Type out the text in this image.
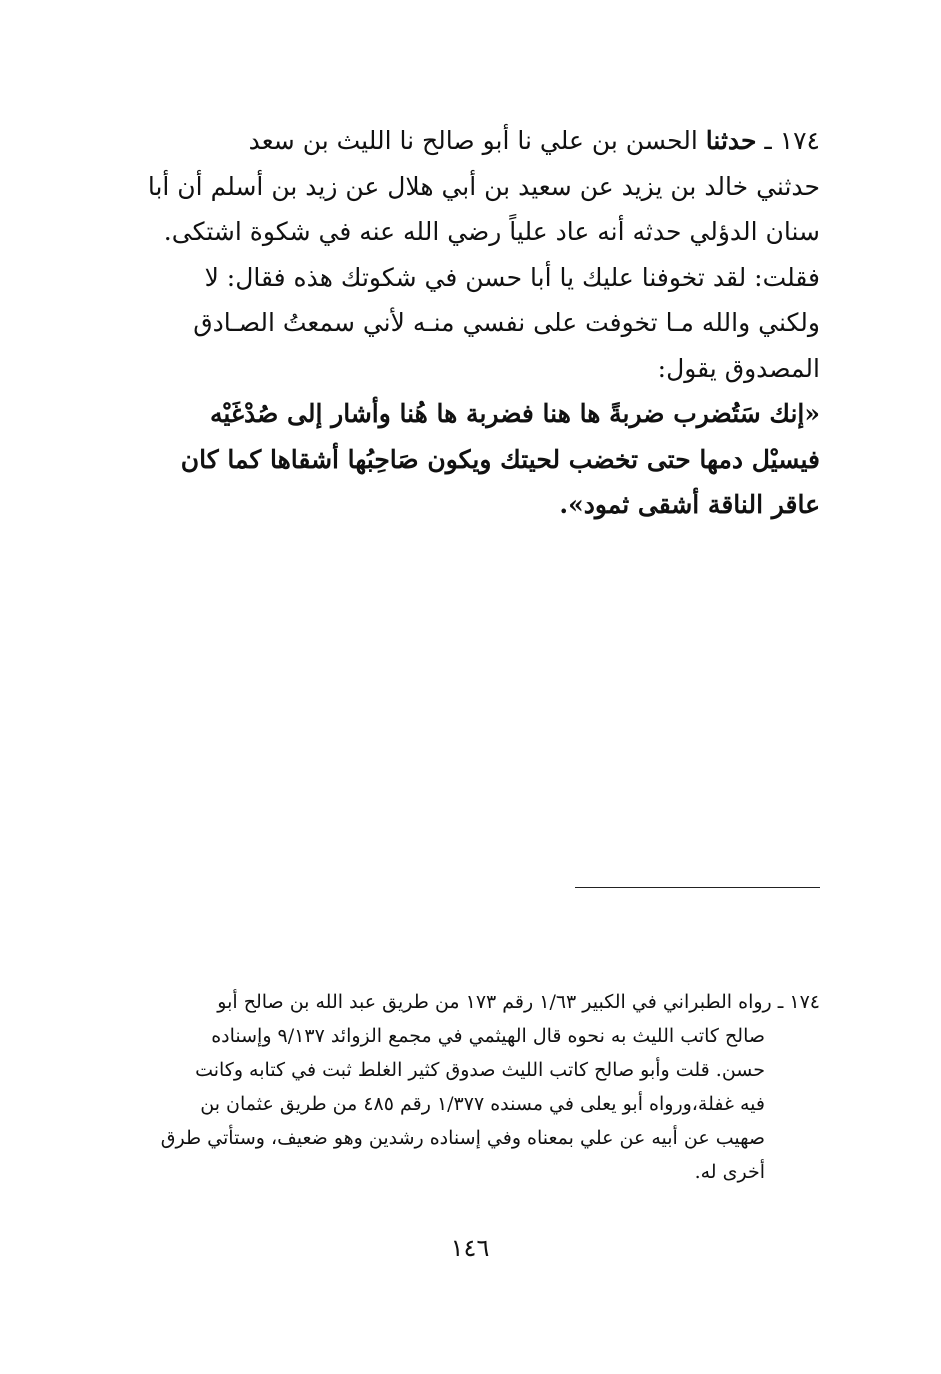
١٧٤ ـ حدثنا الحسن بن علي نا أبو صالح نا الليث بن سعد
حدثني خالد بن يزيد عن سعيد بن أبي هلال عن زيد بن أسلم أن أبا
سنان الدؤلي حدثه أنه عاد علياً رضي الله عنه في شكوة اشتكى.
فقلت: لقد تخوفنا عليك يا أبا حسن في شكوتك هذه فقال: لا
ولكني والله مـا تخوفت على نفسي منـه لأني سمعتُ الصـادق
المصدوق يقول:
«إنك سَتُضرب ضربةً ها هنا فضربة ها هُنا وأشار إلى صُدْغَيْه
فيسيْل دمها حتى تخضب لحيتك ويكون صَاحِبُها أشقاها كما كان
عاقر الناقة أشقى ثمود».
١٧٤ ـ رواه الطبراني في الكبير ١/٦٣ رقم ١٧٣ من طريق عبد الله بن صالح أبو
صالح كاتب الليث به نحوه قال الهيثمي في مجمع الزوائد ٩/١٣٧ وإسناده
حسن. قلت وأبو صالح كاتب الليث صدوق كثير الغلط ثبت في كتابه وكانت
فيه غفلة،ورواه أبو يعلى في مسنده ١/٣٧٧ رقم ٤٨٥ من طريق عثمان بن
صهيب عن أبيه عن علي بمعناه وفي إسناده رشدين وهو ضعيف، وستأتي طرق
أخرى له.
١٤٦
